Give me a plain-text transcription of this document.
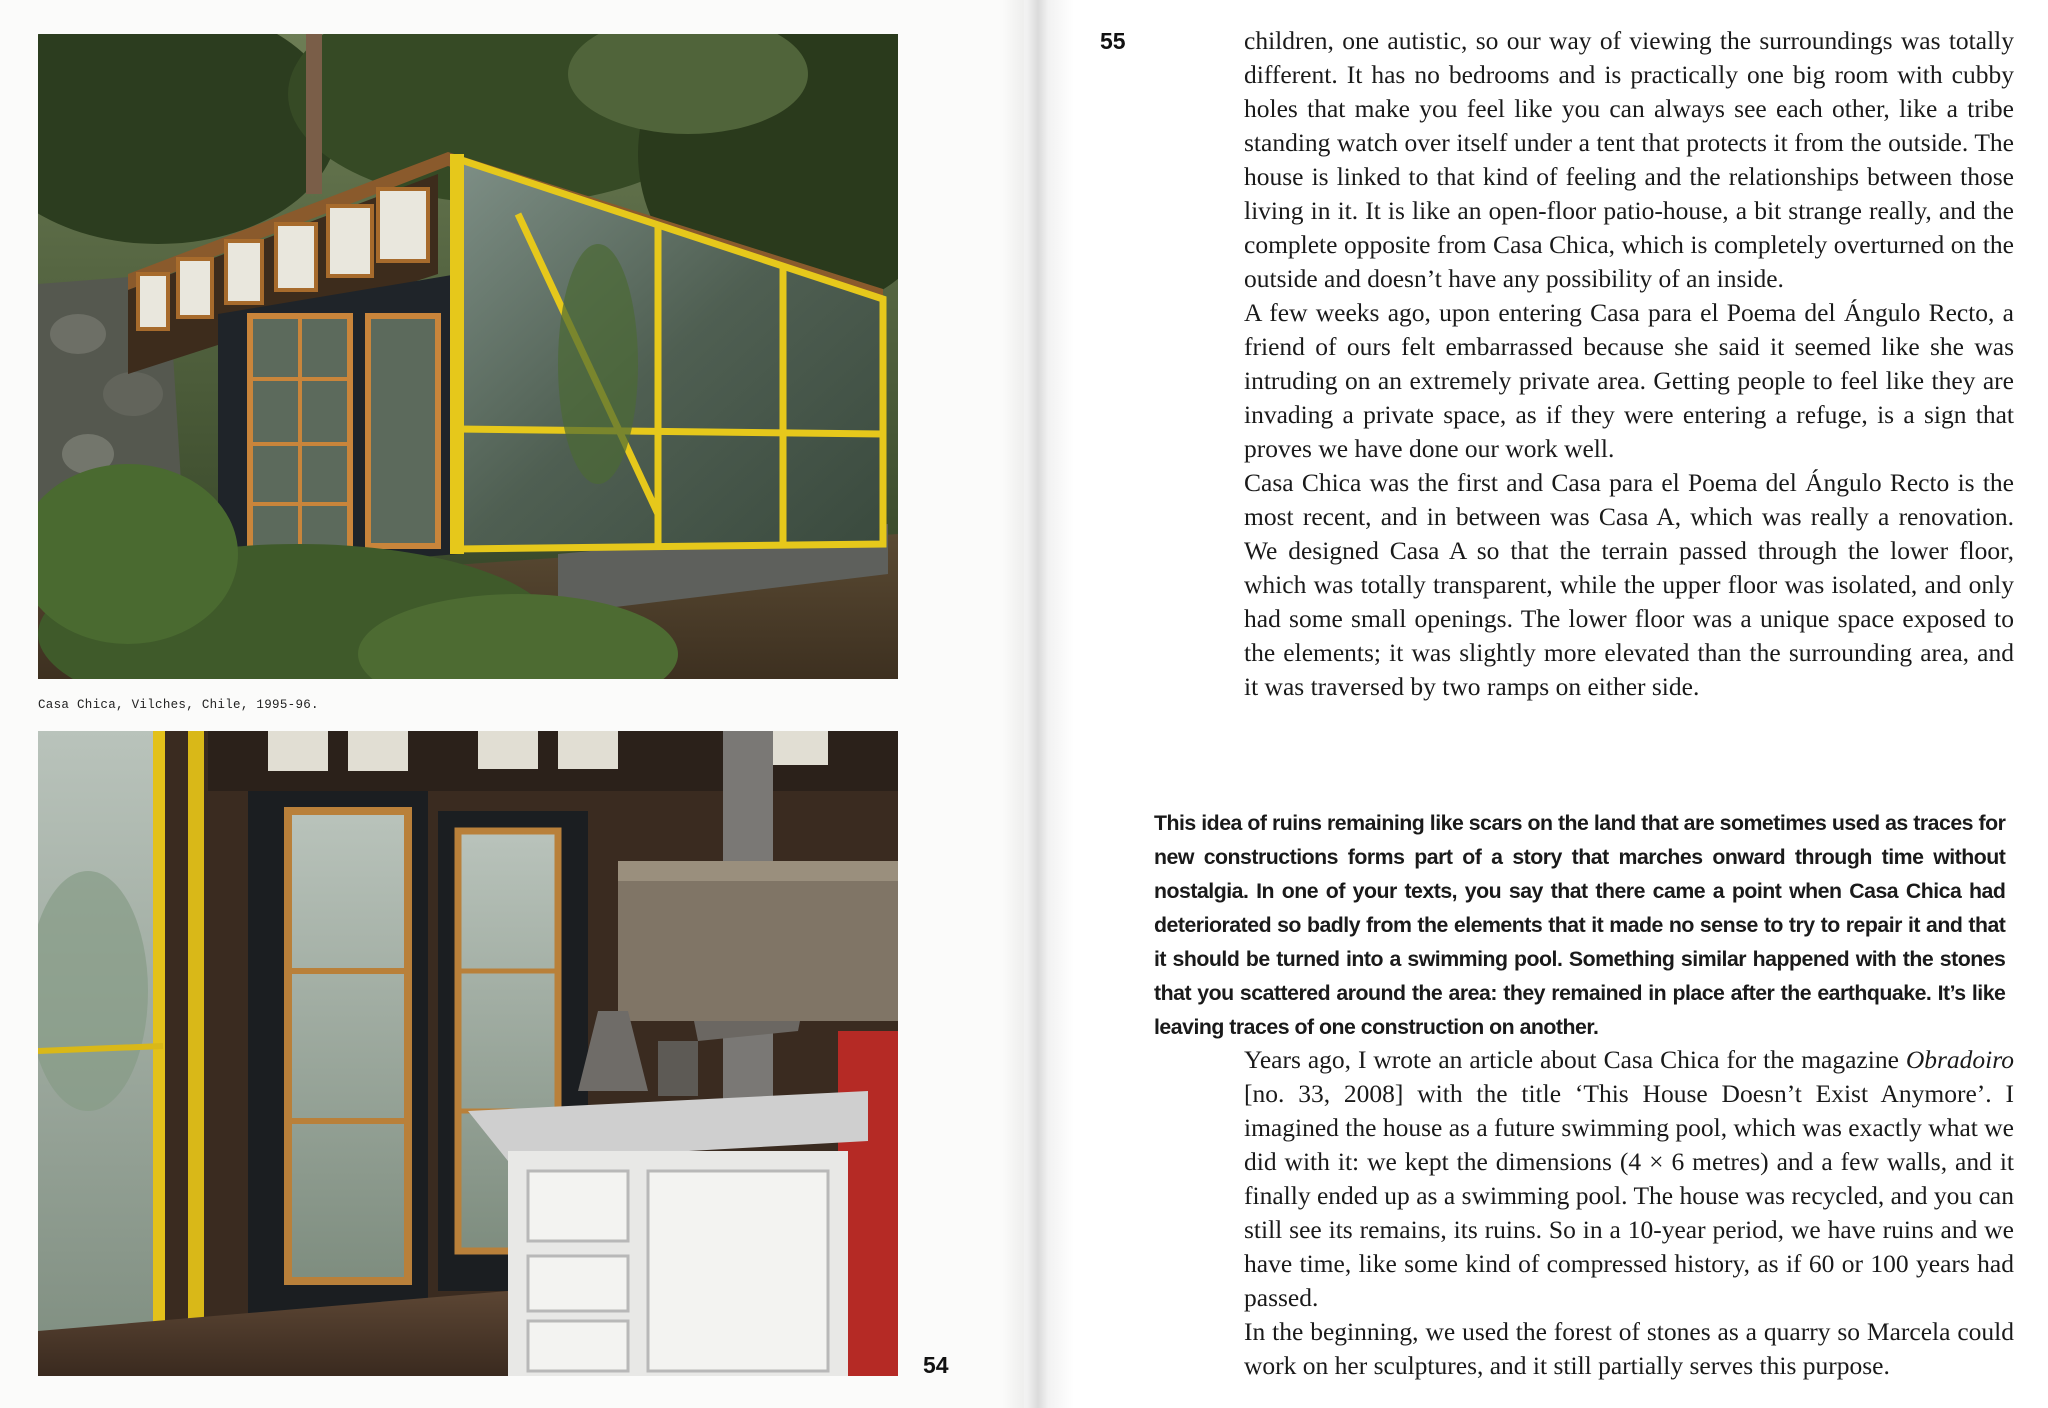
Casa Chica, Vilches, Chile, 1995-96.
54
55	children, one autistic, so our way of viewing the surroundings was totally different. It has no bedrooms and is practically one big room with cubby holes that make you feel like you can always see each other, like a tribe standing watch over itself under a tent that protects it from the outside. The house is linked to that kind of feeling and the relationships between those living in it. It is like an open-floor patio-house, a bit strange really, and the complete opposite from Casa Chica, which is completely overturned on the outside and doesn’t have any possibility of an inside.

A few weeks ago, upon entering Casa para el Poema del Ángulo Recto, a friend of ours felt embarrassed because she said it seemed like she was intruding on an extremely private area. Getting people to feel like they are invading a private space, as if they were entering a refuge, is a sign that proves we have done our work well.

Casa Chica was the first and Casa para el Poema del Ángulo Recto is the most recent, and in between was Casa A, which was really a renovation. We designed Casa A so that the terrain passed through the lower floor, which was totally transparent, while the upper floor was isolated, and only had some small openings. The lower floor was a unique space exposed to the elements; it was slightly more elevated than the surrounding area, and it was traversed by two ramps on either side.

This idea of ruins remaining like scars on the land that are sometimes used as traces for new constructions forms part of a story that marches onward through time without nostalgia. In one of your texts, you say that there came a point when Casa Chica had deteriorated so badly from the elements that it made no sense to try to repair it and that it should be turned into a swimming pool. Something similar happened with the stones that you scattered around the area: they remained in place after the earthquake. It’s like leaving traces of one construction on another.

Years ago, I wrote an article about Casa Chica for the magazine Obradoiro [no. 33, 2008] with the title ‘This House Doesn’t Exist Anymore’. I imagined the house as a future swimming pool, which was exactly what we did with it: we kept the dimensions (4 × 6 metres) and a few walls, and it finally ended up as a swimming pool. The house was recycled, and you can still see its remains, its ruins. So in a 10-year period, we have ruins and we have time, like some kind of compressed history, as if 60 or 100 years had passed.

In the beginning, we used the forest of stones as a quarry so Marcela could work on her sculptures, and it still partially serves this purpose.
